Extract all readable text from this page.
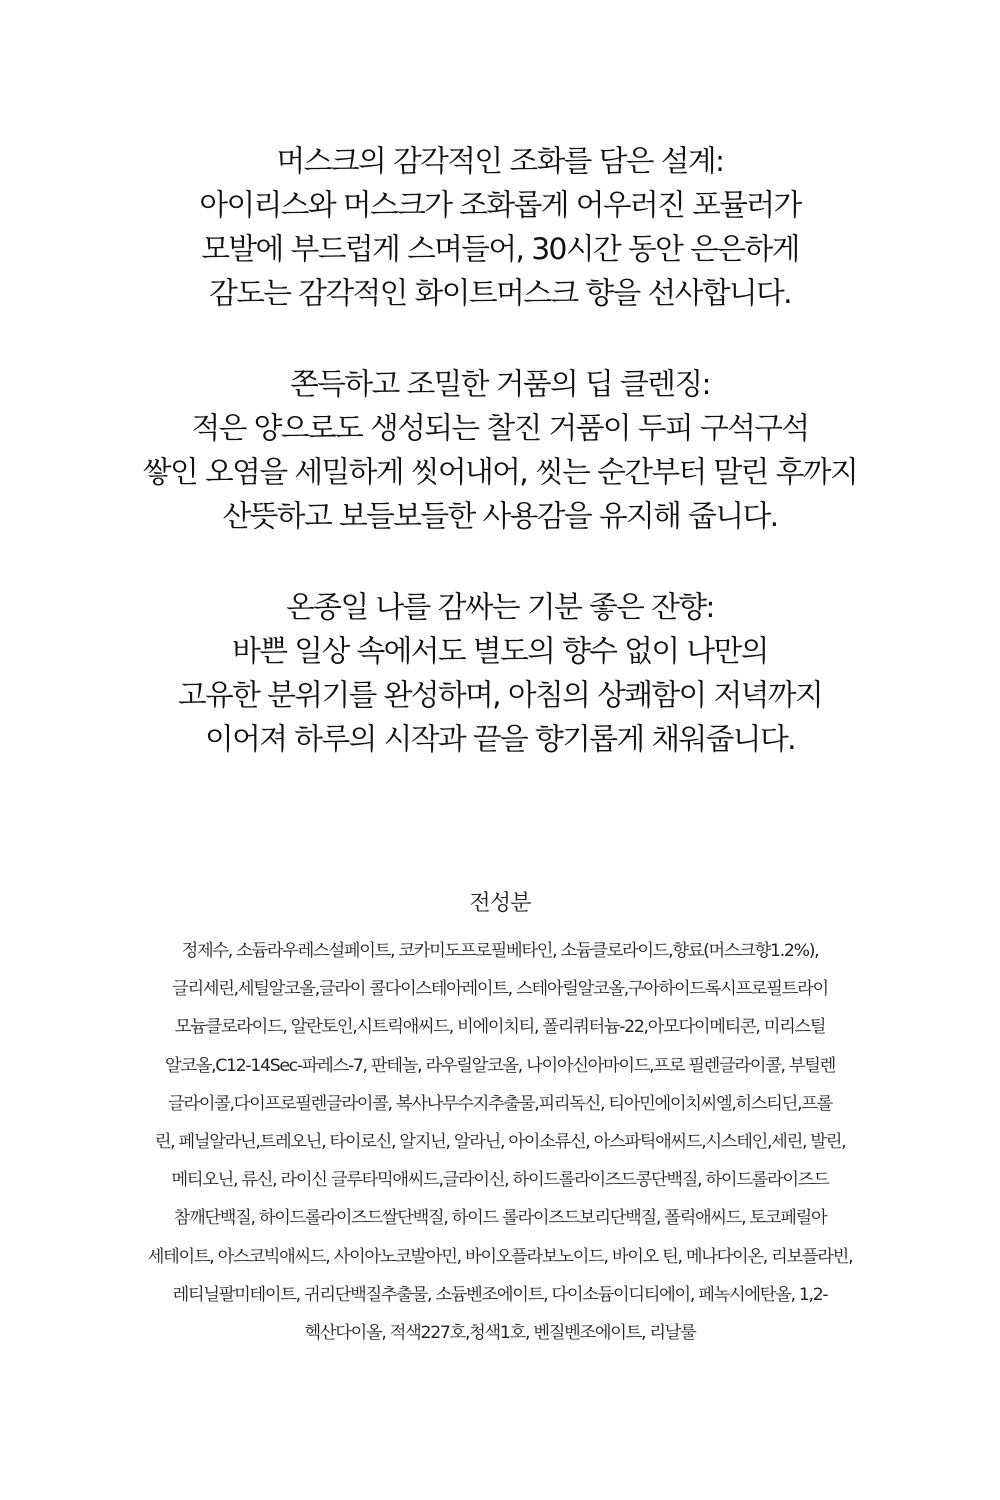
머스크의 감각적인 조화를 담은 설계:
아이리스와 머스크가 조화롭게 어우러진 포뮬러가
모발에 부드럽게 스며들어, 30시간 동안 은은하게
감도는 감각적인 화이트머스크 향을 선사합니다.
쫀득하고 조밀한 거품의 딥 클렌징:
적은 양으로도 생성되는 찰진 거품이 두피 구석구석
쌓인 오염을 세밀하게 씻어내어, 씻는 순간부터 말린 후까지
산뜻하고 보들보들한 사용감을 유지해 줍니다.
온종일 나를 감싸는 기분 좋은 잔향:
바쁜 일상 속에서도 별도의 향수 없이 나만의
고유한 분위기를 완성하며, 아침의 상쾌함이 저녁까지
이어져 하루의 시작과 끝을 향기롭게 채워줍니다.
전성분
정제수, 소듐라우레스설페이트, 코카미도프로필베타인, 소듐클로라이드,향료(머스크향1.2%),
글리세린,세틸알코올,글라이 콜다이스테아레이트, 스테아릴알코올,구아하이드록시프로필트라이
모늄클로라이드, 알란토인,시트릭애씨드, 비에이치티, 폴리쿼터늄-22,아모다이메티콘, 미리스틸
알코올,C12-14Sec-파레스-7, 판테놀, 라우릴알코올, 나이아신아마이드,프로 필렌글라이콜, 부틸렌
글라이콜,다이프로필렌글라이콜, 복사나무수지추출물,피리독신, 티아민에이치씨엘,히스티딘,프롤
린, 페닐알라닌,트레오닌, 타이로신, 알지닌, 알라닌, 아이소류신, 아스파틱애씨드,시스테인,세린, 발린,
메티오닌, 류신, 라이신 글루타믹애씨드,글라이신, 하이드롤라이즈드콩단백질, 하이드롤라이즈드
참깨단백질, 하이드롤라이즈드쌀단백질, 하이드 롤라이즈드보리단백질, 폴릭애씨드, 토코페릴아
세테이트, 아스코빅애씨드, 사이아노코발아민, 바이오플라보노이드, 바이오 틴, 메나다이온, 리보플라빈,
레티닐팔미테이트, 귀리단백질추출물, 소듐벤조에이트, 다이소듐이디티에이, 페녹시에탄올, 1,2-
헥산다이올, 적색227호,청색1호, 벤질벤조에이트, 리날룰
